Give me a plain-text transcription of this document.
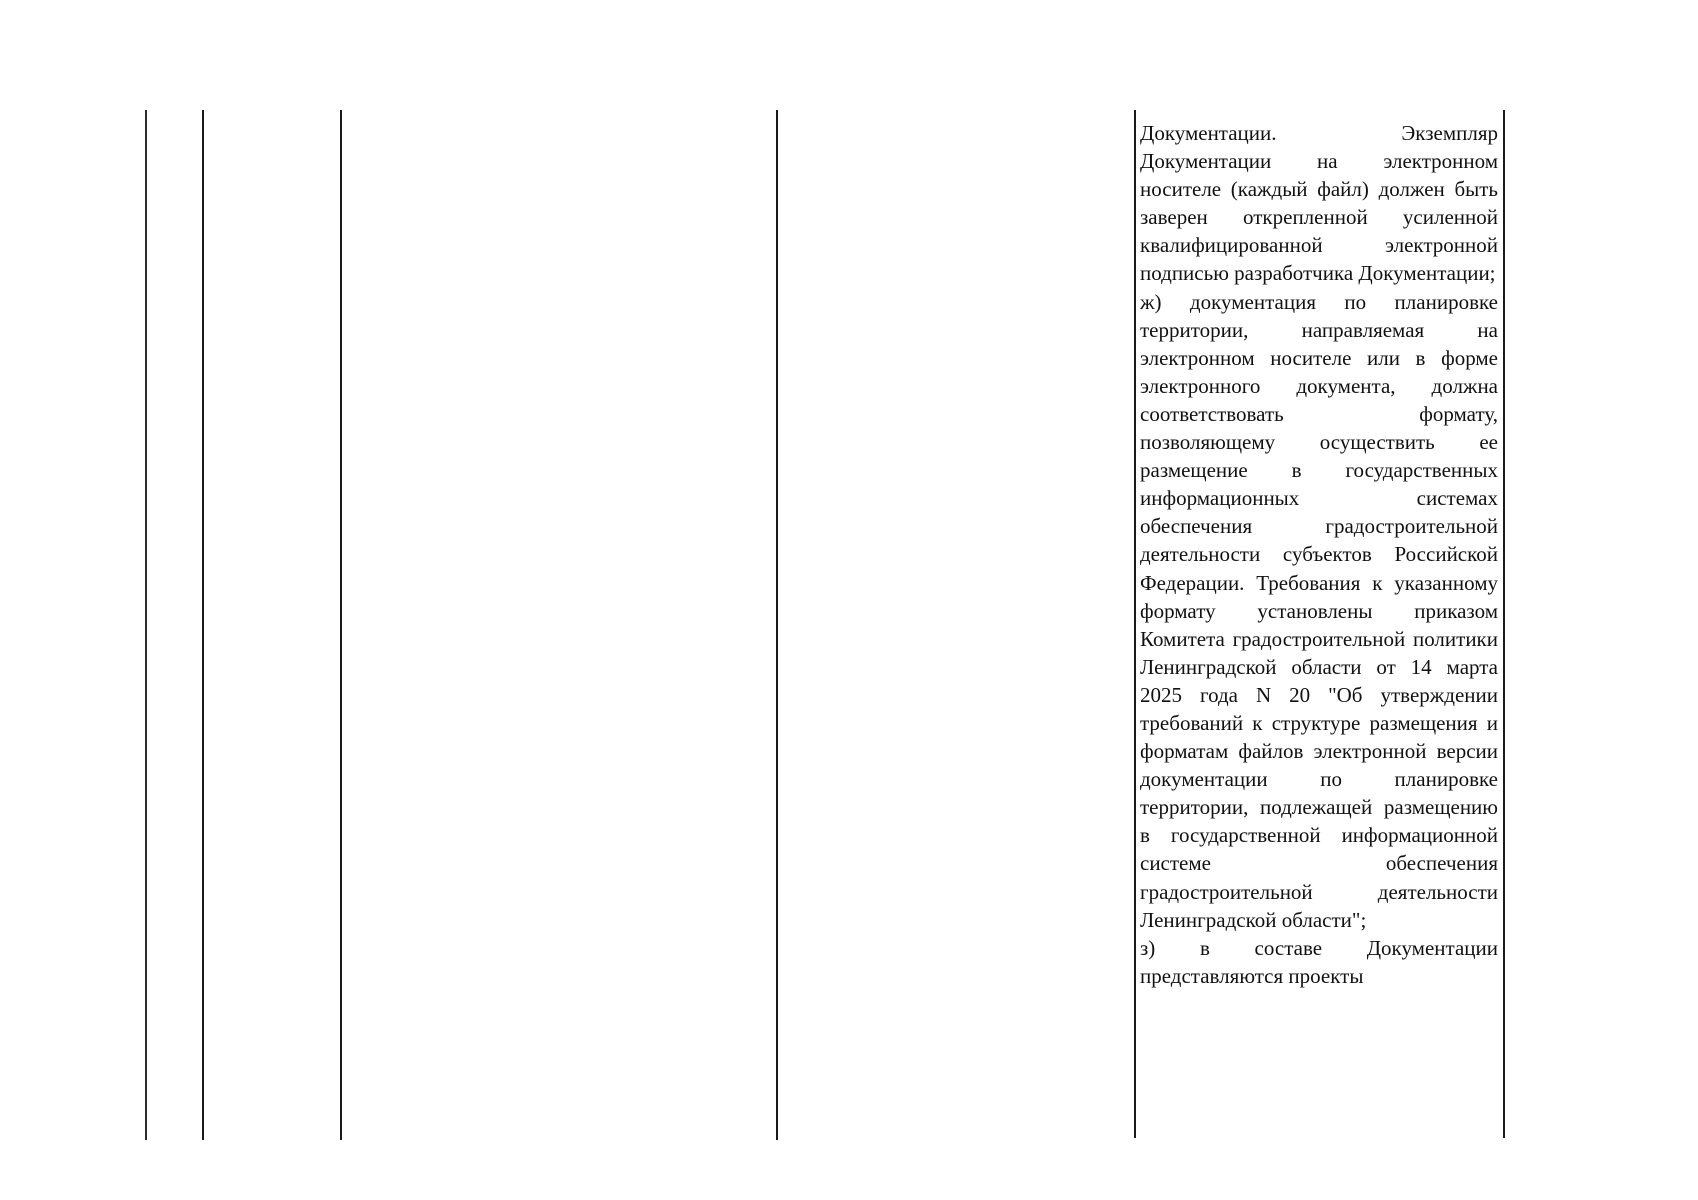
Документации. Экземпляр Документации на электронном носителе (каждый файл) должен быть заверен открепленной усиленной квалифицированной электронной подписью разработчика Документации;

ж) документация по планировке территории, направляемая на электронном носителе или в форме электронного документа, должна соответствовать формату, позволяющему осуществить ее размещение в государственных информационных системах обеспечения градостроительной деятельности субъектов Российской Федерации. Требования к указанному формату установлены приказом Комитета градостроительной политики Ленинградской области от 14 марта 2025 года N 20 "Об утверждении требований к структуре размещения и форматам файлов электронной версии документации по планировке территории, подлежащей размещению в государственной информационной системе обеспечения градостроительной деятельности Ленинградской области";

з) в составе Документации представляются проекты
